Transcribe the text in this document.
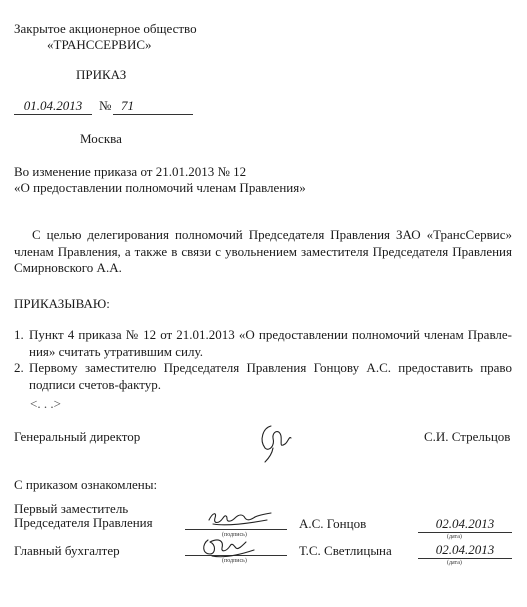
Закрытое акционерное общество
«ТРАНССЕРВИС»
ПРИКАЗ
01.04.2013	№ 71
Москва
Во изменение приказа от 21.01.2013 № 12
«О предоставлении полномочий членам Правления»
С целью делегирования полномочий Председателя Правления ЗАО «ТрансСервис» членам Правления, а также в связи с увольнением заместителя Председателя Правления Смирновского А.А.
ПРИКАЗЫВАЮ:
1. Пункт 4 приказа № 12 от 21.01.2013 «О предоставлении полномочий членам Правле-
ния» считать утратившим силу.
2. Первому заместителю Председателя Правления Гонцову А.С. предоставить право
подписи счетов-фактур.
<. . .>
Генеральный директор	С.И. Стрельцов
С приказом ознакомлены:
Первый заместитель
Председателя Правления
(подпись)
А.С. Гонцов	02.04.2013
(дата)
Главный бухгалтер
(подпись)
Т.С. Светлицына	02.04.2013
(дата)
